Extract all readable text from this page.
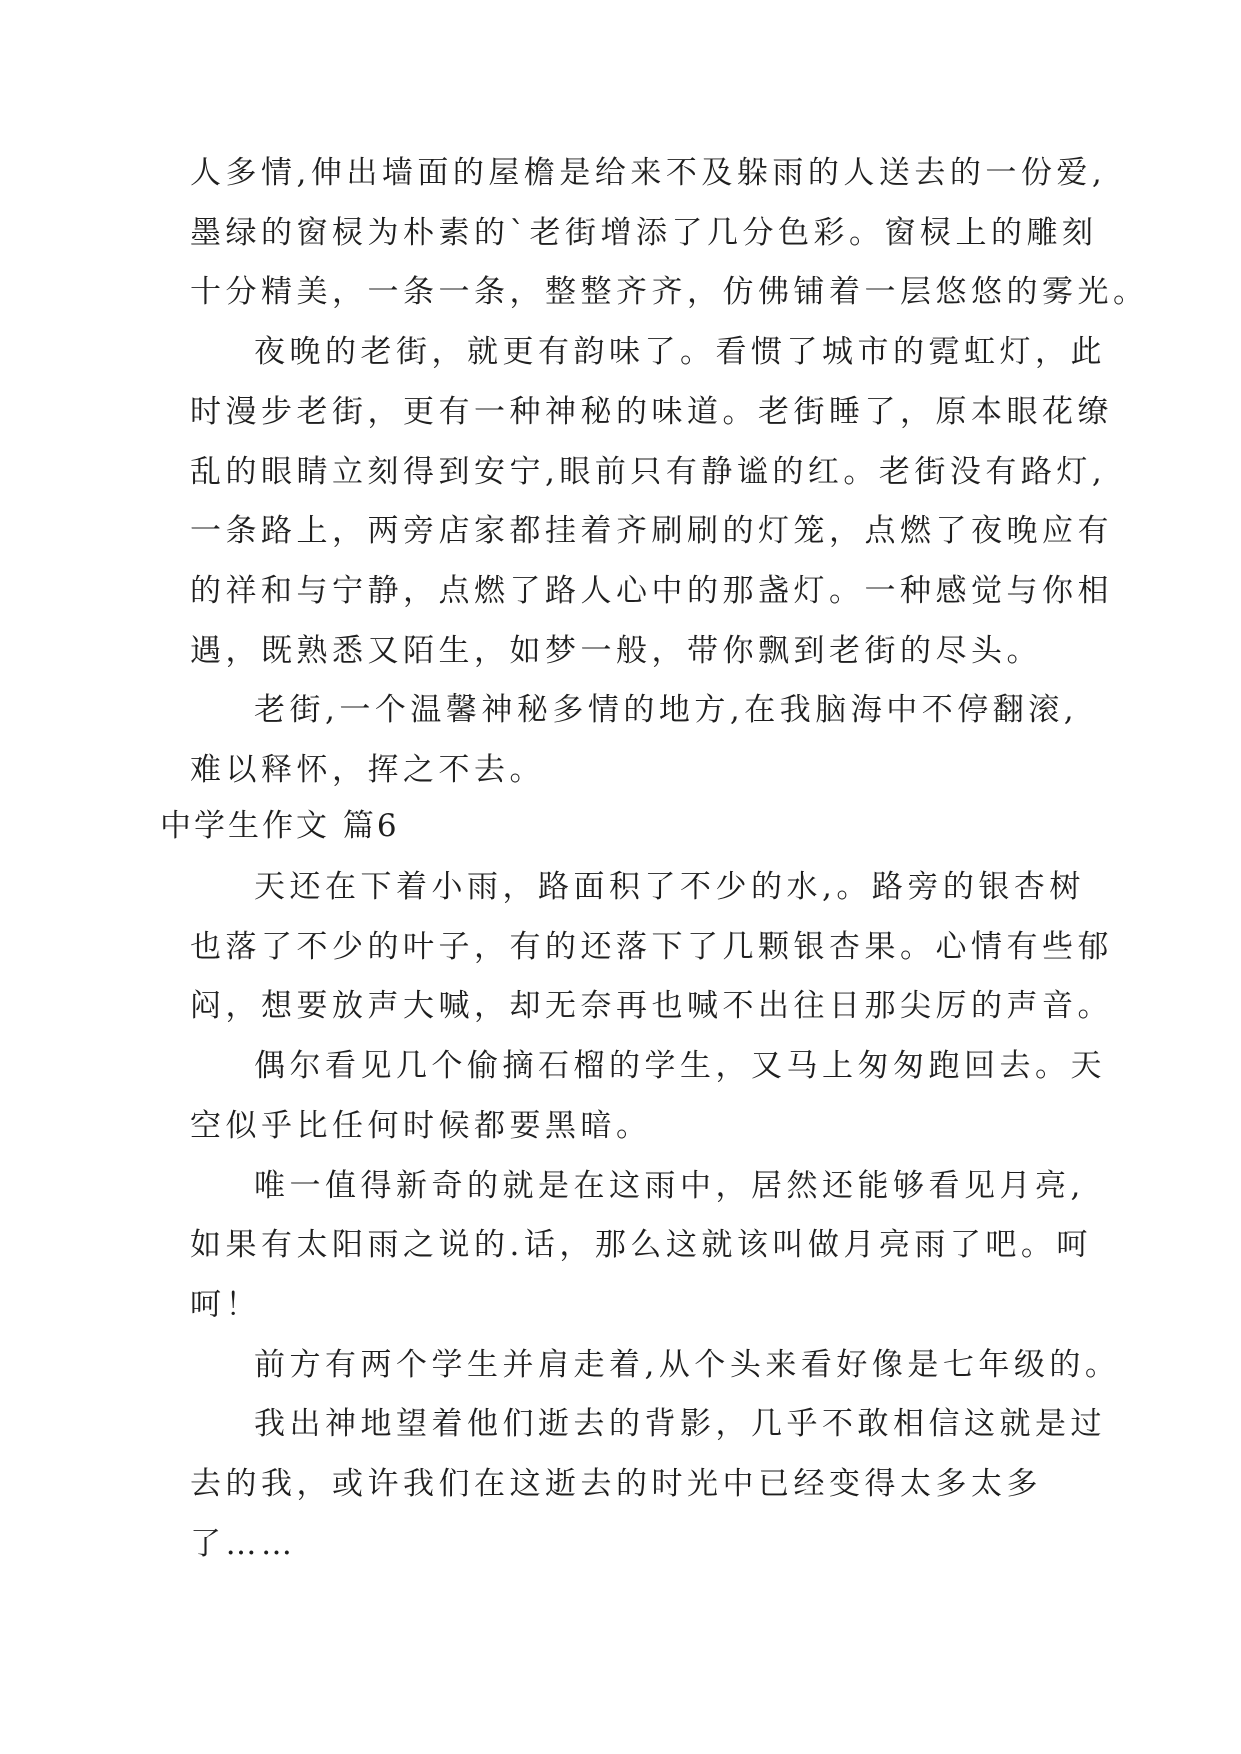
人多情,伸出墙面的屋檐是给来不及躲雨的人送去的一份爱,
墨绿的窗棂为朴素的`老街增添了几分色彩。窗棂上的雕刻
十分精美，一条一条，整整齐齐，仿佛铺着一层悠悠的雾光。
夜晚的老街，就更有韵味了。看惯了城市的霓虹灯，此
时漫步老街，更有一种神秘的味道。老街睡了，原本眼花缭
乱的眼睛立刻得到安宁,眼前只有静谧的红。老街没有路灯,
一条路上，两旁店家都挂着齐刷刷的灯笼，点燃了夜晚应有
的祥和与宁静，点燃了路人心中的那盏灯。一种感觉与你相
遇，既熟悉又陌生，如梦一般，带你飘到老街的尽头。
老街,一个温馨神秘多情的地方,在我脑海中不停翻滚,
难以释怀，挥之不去。
中学生作文 篇6
天还在下着小雨，路面积了不少的水,。路旁的银杏树
也落了不少的叶子，有的还落下了几颗银杏果。心情有些郁
闷，想要放声大喊，却无奈再也喊不出往日那尖厉的声音。
偶尔看见几个偷摘石榴的学生，又马上匆匆跑回去。天
空似乎比任何时候都要黑暗。
唯一值得新奇的就是在这雨中，居然还能够看见月亮,
如果有太阳雨之说的.话，那么这就该叫做月亮雨了吧。呵
呵！
前方有两个学生并肩走着,从个头来看好像是七年级的。
我出神地望着他们逝去的背影，几乎不敢相信这就是过
去的我，或许我们在这逝去的时光中已经变得太多太多
了……
